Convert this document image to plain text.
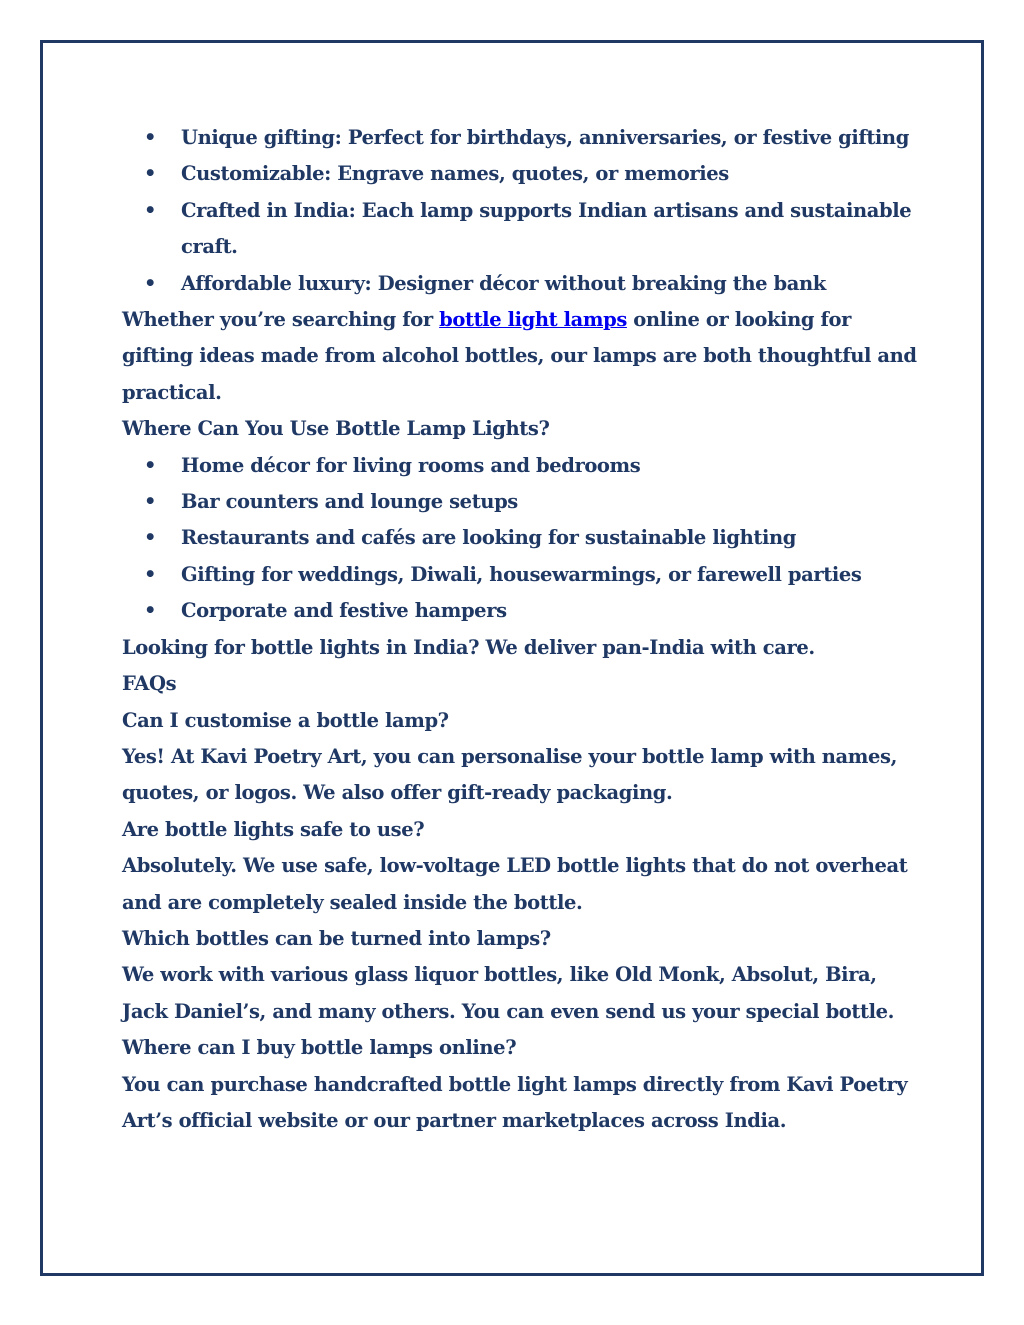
• Unique gifting: Perfect for birthdays, anniversaries, or festive gifting
• Customizable: Engrave names, quotes, or memories
• Crafted in India: Each lamp supports Indian artisans and sustainable craft.
• Affordable luxury: Designer décor without breaking the bank

Whether you’re searching for bottle light lamps online or looking for gifting ideas made from alcohol bottles, our lamps are both thoughtful and practical.

Where Can You Use Bottle Lamp Lights?

• Home décor for living rooms and bedrooms
• Bar counters and lounge setups
• Restaurants and cafés are looking for sustainable lighting
• Gifting for weddings, Diwali, housewarmings, or farewell parties
• Corporate and festive hampers

Looking for bottle lights in India? We deliver pan-India with care.

FAQs

Can I customise a bottle lamp?

Yes! At Kavi Poetry Art, you can personalise your bottle lamp with names, quotes, or logos. We also offer gift-ready packaging.

Are bottle lights safe to use?

Absolutely. We use safe, low-voltage LED bottle lights that do not overheat and are completely sealed inside the bottle.

Which bottles can be turned into lamps?

We work with various glass liquor bottles, like Old Monk, Absolut, Bira, Jack Daniel’s, and many others. You can even send us your special bottle.

Where can I buy bottle lamps online?

You can purchase handcrafted bottle light lamps directly from Kavi Poetry Art’s official website or our partner marketplaces across India.
